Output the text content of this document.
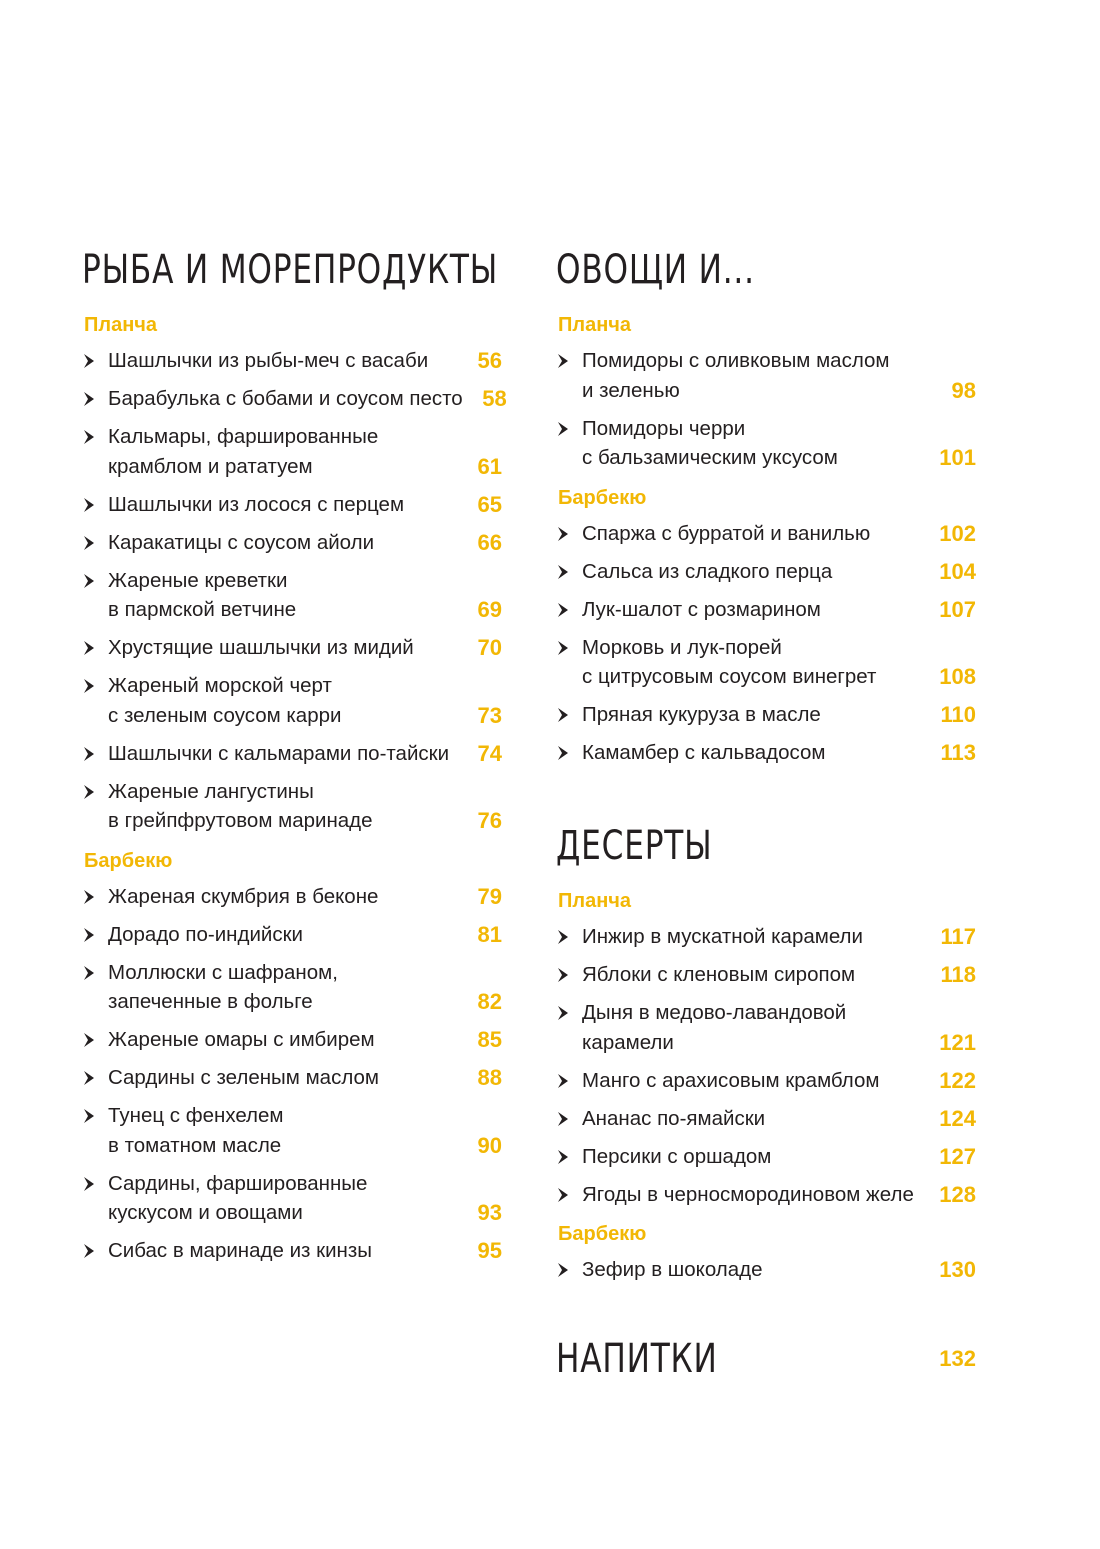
РЫБА И МОРЕПРОДУКТЫ
Планча
Шашлычки из рыбы-меч с васаби	56
Барабулька с бобами и соусом песто 58
Кальмары, фаршированные
крамблом и рататуем	61
Шашлычки из лосося с перцем	65
Каракатицы с соусом айоли	66
Жареные креветки
в пармской ветчине	69
Хрустящие шашлычки из мидий	70
Жареный морской черт
с зеленым соусом карри	73
Шашлычки с кальмарами по-тайски	74
Жареные лангустины
в грейпфрутовом маринаде	76
Барбекю
Жареная скумбрия в беконе	79
Дорадо по-индийски	81
Моллюски с шафраном,
запеченные в фольге	82
Жареные омары с имбирем	85
Сардины с зеленым маслом	88
Тунец с фенхелем
в томатном масле	90
Сардины, фаршированные
кускусом и овощами	93
Сибас в маринаде из кинзы	95
ОВОЩИ И...
Планча
Помидоры с оливковым маслом
и зеленью	98
Помидоры черри
с бальзамическим уксусом	101
Барбекю
Спаржа с бурратой и ванилью	102
Сальса из сладкого перца	104
Лук-шалот с розмарином	107
Морковь и лук-порей
с цитрусовым соусом винегрет	108
Пряная кукуруза в масле	110
Камамбер с кальвадосом	113
ДЕСЕРТЫ
Планча
Инжир в мускатной карамели	117
Яблоки с кленовым сиропом	118
Дыня в медово-лавандовой
карамели	121
Манго с арахисовым крамблом	122
Ананас по-ямайски	124
Персики с оршадом	127
Ягоды в черносмородиновом желе	128
Барбекю
Зефир в шоколаде	130
НАПИТКИ	132
